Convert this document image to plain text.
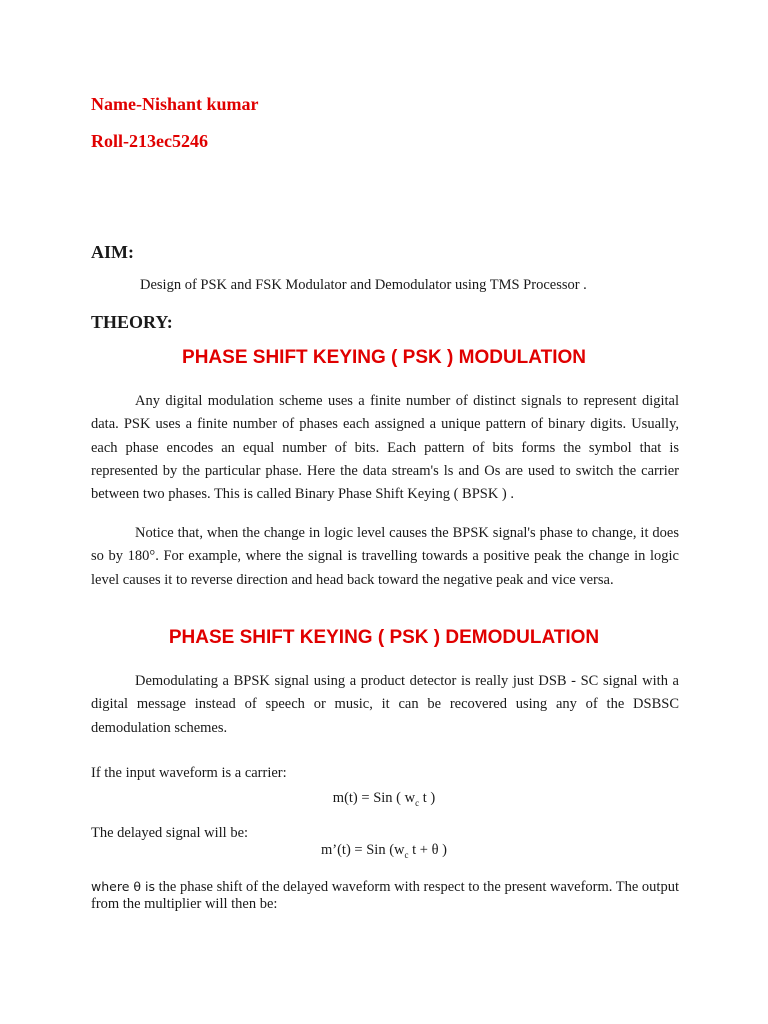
Name-Nishant kumar

Roll-213ec5246

AIM:

Design of PSK and FSK Modulator and Demodulator using TMS Processor .

THEORY:

PHASE SHIFT KEYING ( PSK ) MODULATION

Any digital modulation scheme uses a finite number of distinct signals to represent digital data. PSK uses a finite number of phases each assigned a unique pattern of binary digits. Usually, each phase encodes an equal number of bits. Each pattern of bits forms the symbol that is represented by the particular phase. Here the data stream's ls and Os are used to switch the carrier between two phases. This is called Binary Phase Shift Keying ( BPSK ) .

Notice that, when the change in logic level causes the BPSK signal's phase to change, it does so by 180°. For example, where the signal is travelling towards a positive peak the change in logic level causes it to reverse direction and head back toward the negative peak and vice versa.

PHASE SHIFT KEYING ( PSK ) DEMODULATION

Demodulating a BPSK signal using a product detector is really just DSB - SC signal with a digital message instead of speech or music, it can be recovered using any of the DSBSC demodulation schemes.

If the input waveform is a carrier:

m(t) = Sin ( $w_c$ t )

The delayed signal will be:

m’(t) = Sin ($w_c$ t + θ )

where θ is the phase shift of the delayed waveform with respect to the present waveform. The output from the multiplier will then be:
